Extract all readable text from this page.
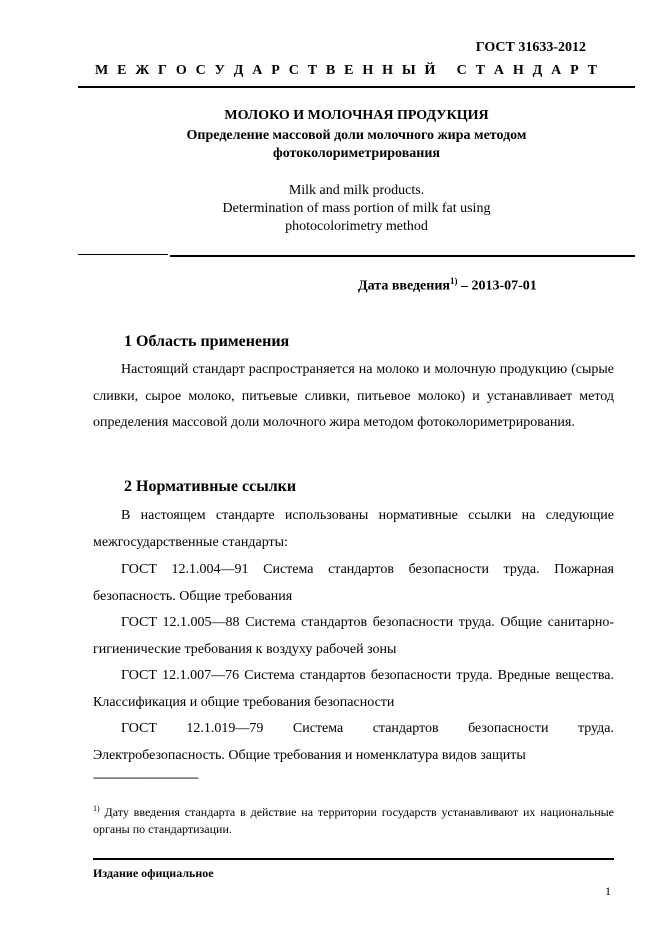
ГОСТ 31633-2012
М Е Ж Г О С У Д А Р С Т В Е Н Н Ы Й
С Т А Н Д А Р Т
МОЛОКО И МОЛОЧНАЯ ПРОДУКЦИЯ
Определение массовой доли молочного жира методом
фотоколориметрирования
Milk and milk products.
Determination of mass portion of milk fat using
photocolorimetry method
Дата введения$^{1)}$ – 2013-07-01
1 Область применения
Настоящий стандарт распространяется на молоко и молочную продукцию (сырые сливки, сырое молоко, питьевые сливки, питьевое молоко) и устанавливает метод определения массовой доли молочного жира методом фотоколориметрирования.
2 Нормативные ссылки
В настоящем стандарте использованы нормативные ссылки на следующие межгосударственные стандарты:
ГОСТ 12.1.004—91 Система стандартов безопасности труда. Пожарная безопасность. Общие требования
ГОСТ 12.1.005—88 Система стандартов безопасности труда. Общие санитарно-гигиенические требования к воздуху рабочей зоны
ГОСТ 12.1.007—76 Система стандартов безопасности труда. Вредные вещества. Классификация и общие требования безопасности
ГОСТ 12.1.019—79 Система стандартов безопасности труда. Электробезопасность. Общие требования и номенклатура видов защиты
-----------------------------------
$^{1)}$ Дату введения стандарта в действие на территории государств устанавливают их национальные органы по стандартизации.
Издание официальное
1
